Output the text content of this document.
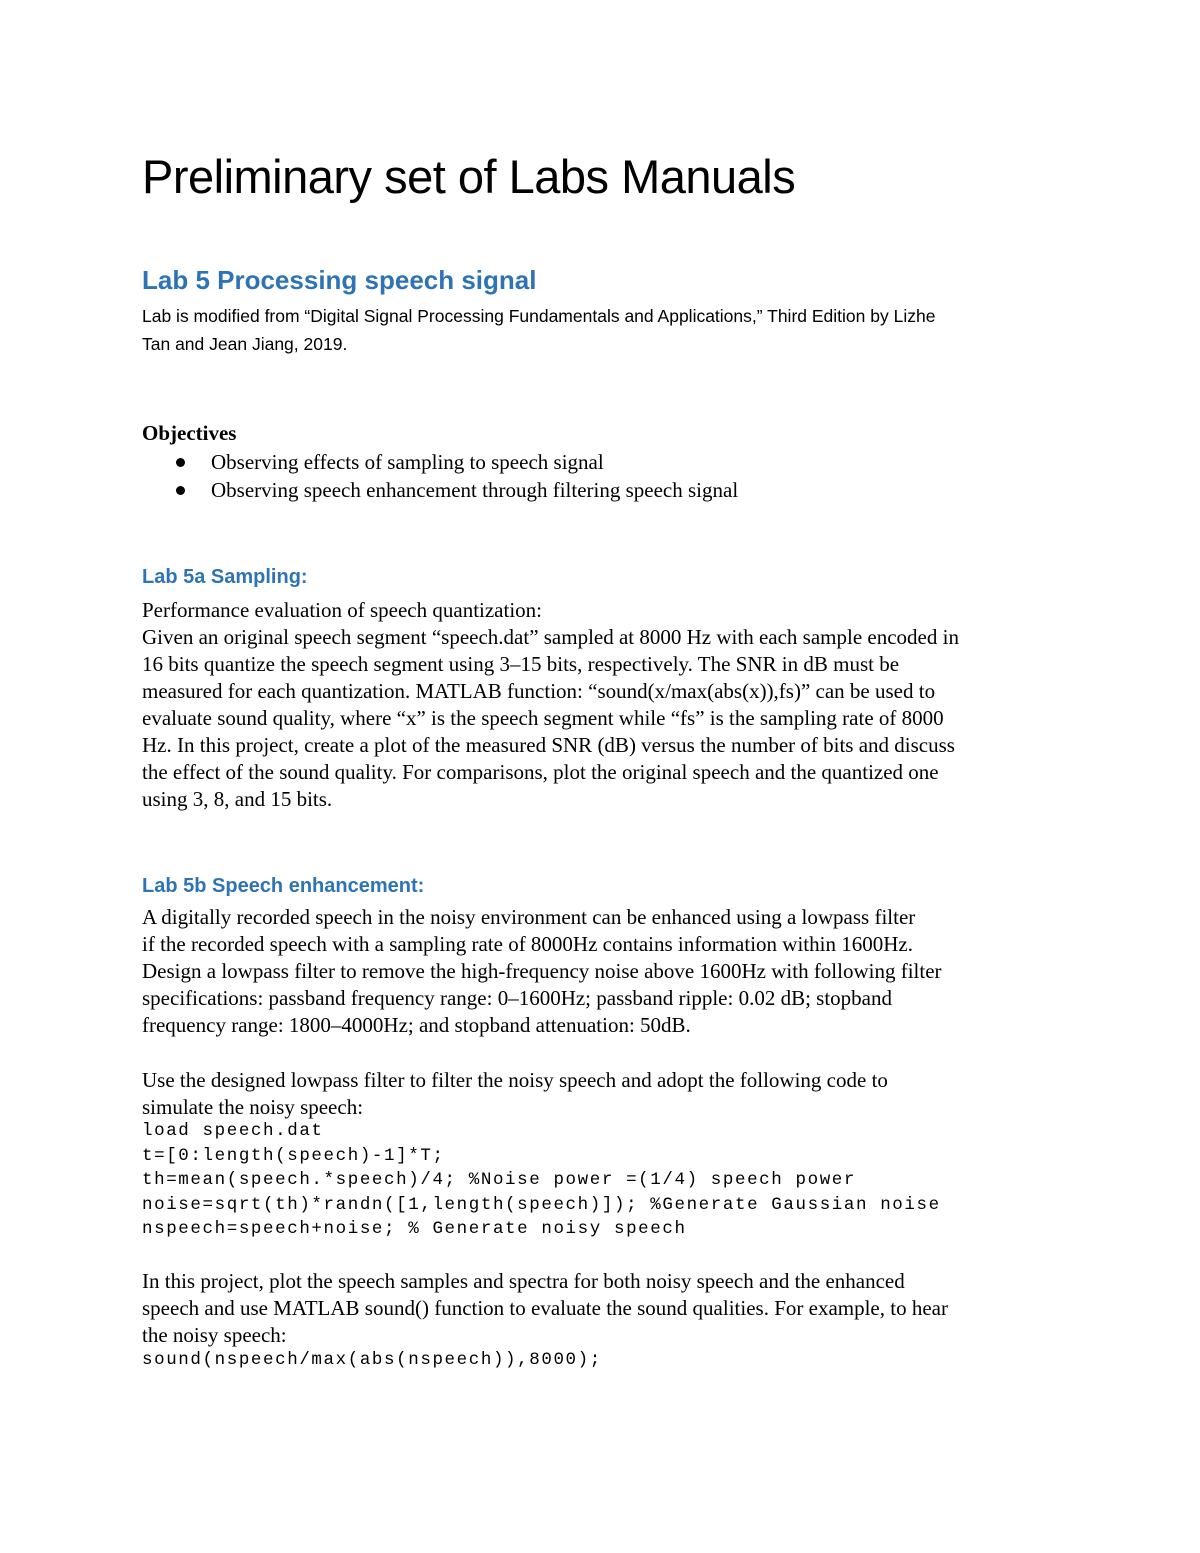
Preliminary set of Labs Manuals
Lab 5 Processing speech signal

Lab is modified from “Digital Signal Processing Fundamentals and Applications,” Third Edition by Lizhe
Tan and Jean Jiang, 2019.

Objectives

Observing effects of sampling to speech signal
Observing speech enhancement through filtering speech signal
Lab 5a Sampling:
Performance evaluation of speech quantization:
Given an original speech segment “speech.dat” sampled at 8000 Hz with each sample encoded in
16 bits quantize the speech segment using 3–15 bits, respectively. The SNR in dB must be
measured for each quantization. MATLAB function: “sound(x/max(abs(x)),fs)” can be used to
evaluate sound quality, where “x” is the speech segment while “fs” is the sampling rate of 8000
Hz. In this project, create a plot of the measured SNR (dB) versus the number of bits and discuss
the effect of the sound quality. For comparisons, plot the original speech and the quantized one
using 3, 8, and 15 bits.
Lab 5b Speech enhancement:
A digitally recorded speech in the noisy environment can be enhanced using a lowpass filter
if the recorded speech with a sampling rate of 8000Hz contains information within 1600Hz.
Design a lowpass filter to remove the high-frequency noise above 1600Hz with following filter
specifications: passband frequency range: 0–1600Hz; passband ripple: 0.02 dB; stopband
frequency range: 1800–4000Hz; and stopband attenuation: 50dB.
Use the designed lowpass filter to filter the noisy speech and adopt the following code to
simulate the noisy speech:
load speech.dat
t=[0:length(speech)-1]*T;
th=mean(speech.*speech)/4; %Noise power =(1/4) speech power
noise=sqrt(th)*randn([1,length(speech)]); %Generate Gaussian noise
nspeech=speech+noise; % Generate noisy speech
In this project, plot the speech samples and spectra for both noisy speech and the enhanced
speech and use MATLAB sound() function to evaluate the sound qualities. For example, to hear
the noisy speech:
sound(nspeech/max(abs(nspeech)),8000);
